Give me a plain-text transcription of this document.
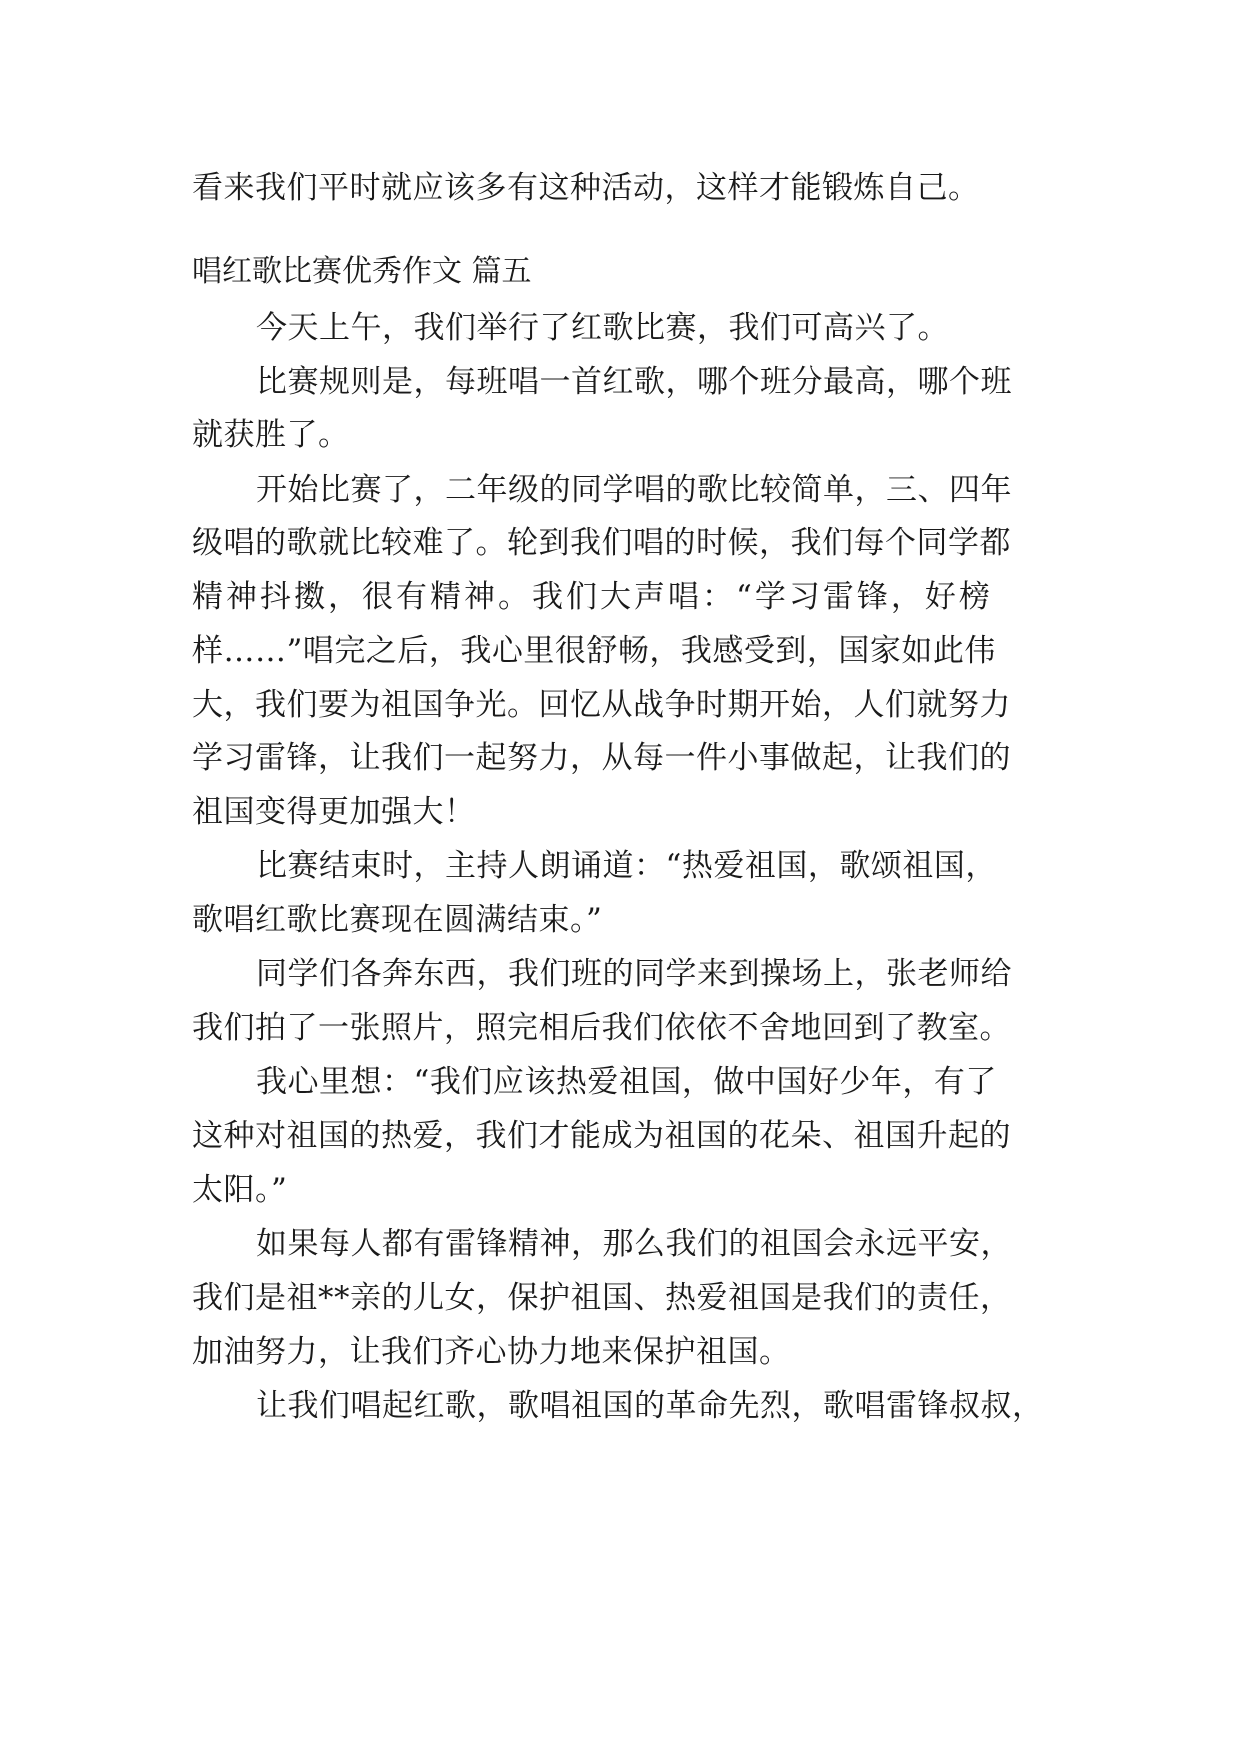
看来我们平时就应该多有这种活动，这样才能锻炼自己。
唱红歌比赛优秀作文 篇五
今天上午，我们举行了红歌比赛，我们可高兴了。
比赛规则是，每班唱一首红歌，哪个班分最高，哪个班
就获胜了。
开始比赛了，二年级的同学唱的歌比较简单，三、四年
级唱的歌就比较难了。轮到我们唱的时候，我们每个同学都
精神抖擞，很有精神。我们大声唱：“学习雷锋，好榜
样……”唱完之后，我心里很舒畅，我感受到，国家如此伟
大，我们要为祖国争光。回忆从战争时期开始，人们就努力
学习雷锋，让我们一起努力，从每一件小事做起，让我们的
祖国变得更加强大！
比赛结束时，主持人朗诵道：“热爱祖国，歌颂祖国，
歌唱红歌比赛现在圆满结束。”
同学们各奔东西，我们班的同学来到操场上，张老师给
我们拍了一张照片，照完相后我们依依不舍地回到了教室。
我心里想：“我们应该热爱祖国，做中国好少年，有了
这种对祖国的热爱，我们才能成为祖国的花朵、祖国升起的
太阳。”
如果每人都有雷锋精神，那么我们的祖国会永远平安，
我们是祖**亲的儿女，保护祖国、热爱祖国是我们的责任，
加油努力，让我们齐心协力地来保护祖国。
让我们唱起红歌，歌唱祖国的革命先烈，歌唱雷锋叔叔，
